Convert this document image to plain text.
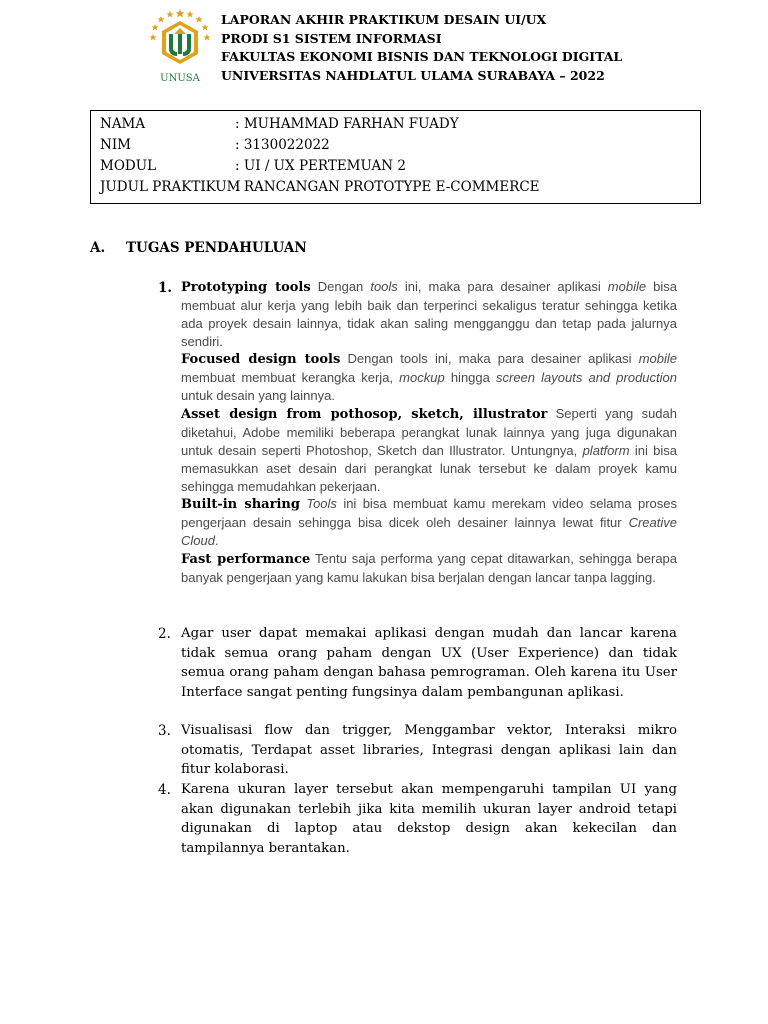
UNUSA
LAPORAN AKHIR PRAKTIKUM DESAIN UI/UX
PRODI S1 SISTEM INFORMASI
FAKULTAS EKONOMI BISNIS DAN TEKNOLOGI DIGITAL
UNIVERSITAS NAHDLATUL ULAMA SURABAYA – 2022
NAMA	: MUHAMMAD FARHAN FUADY
NIM	: 3130022022
MODUL	: UI / UX PERTEMUAN 2
JUDUL PRAKTIKUM
: RANCANGAN PROTOTYPE E-COMMERCE
A. TUGAS PENDAHULUAN
1. Prototyping tools Dengan tools ini, maka para desainer aplikasi mobile bisa membuat alur kerja yang lebih baik dan terperinci sekaligus teratur sehingga ketika ada proyek desain lainnya, tidak akan saling mengganggu dan tetap pada jalurnya sendiri.
Focused design tools Dengan tools ini, maka para desainer aplikasi mobile membuat membuat kerangka kerja, mockup hingga screen layouts and production untuk desain yang lainnya.
Asset design from pothosop, sketch, illustrator Seperti yang sudah diketahui, Adobe memiliki beberapa perangkat lunak lainnya yang juga digunakan untuk desain seperti Photoshop, Sketch dan Illustrator. Untungnya, platform ini bisa memasukkan aset desain dari perangkat lunak tersebut ke dalam proyek kamu sehingga memudahkan pekerjaan.
Built-in sharing Tools ini bisa membuat kamu merekam video selama proses pengerjaan desain sehingga bisa dicek oleh desainer lainnya lewat fitur Creative Cloud.
Fast performance Tentu saja performa yang cepat ditawarkan, sehingga berapa banyak pengerjaan yang kamu lakukan bisa berjalan dengan lancar tanpa lagging.
2. Agar user dapat memakai aplikasi dengan mudah dan lancar karena tidak semua orang paham dengan UX (User Experience) dan tidak semua orang paham dengan bahasa pemrograman. Oleh karena itu User Interface sangat penting fungsinya dalam pembangunan aplikasi.
3. Visualisasi flow dan trigger, Menggambar vektor, Interaksi mikro otomatis, Terdapat asset libraries, Integrasi dengan aplikasi lain dan fitur kolaborasi.
4. Karena ukuran layer tersebut akan mempengaruhi tampilan UI yang akan digunakan terlebih jika kita memilih ukuran layer android tetapi digunakan di laptop atau dekstop design akan kekecilan dan tampilannya berantakan.
